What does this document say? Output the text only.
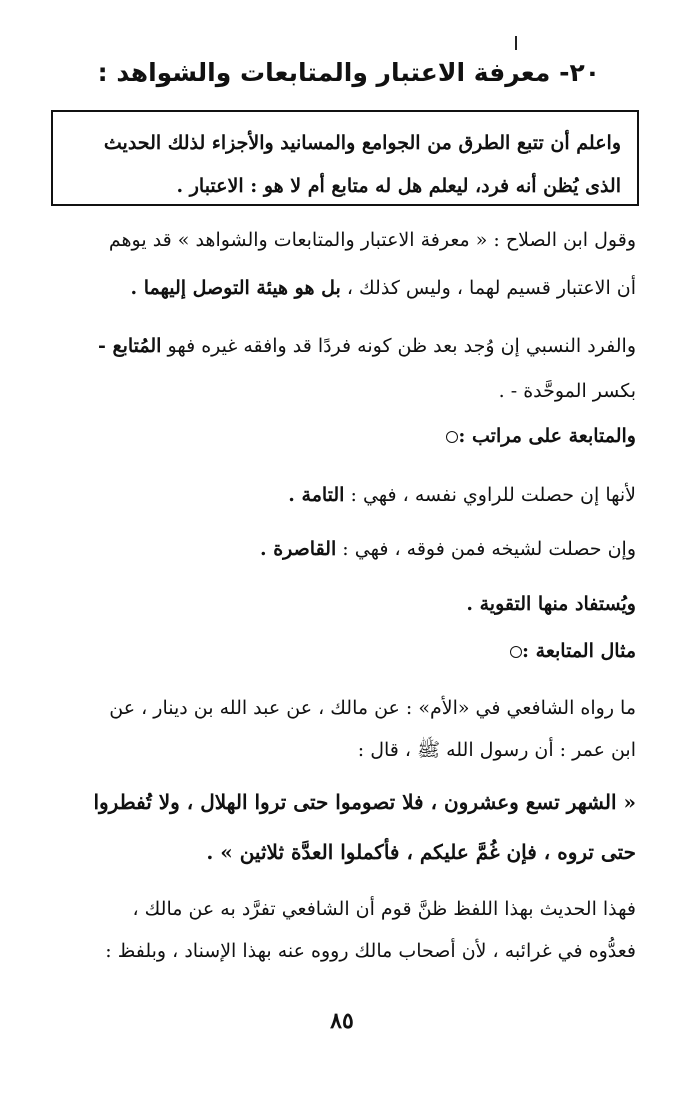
٢٠- معرفة الاعتبار والمتابعات والشواهد :

واعلم أن تتبع الطرق من الجوامع والمسانيد والأجزاء لذلك الحديث

الذى يُظن أنه فرد، ليعلم هل له متابع أم لا هو : الاعتبار .

وقول ابن الصلاح : « معرفة الاعتبار والمتابعات والشواهد » قد يوهم
أن الاعتبار قسيم لهما ، وليس كذلك ، بل هو هيئة التوصل إليهما .
والفرد النسبي إن وُجد بعد ظن كونه فردًا قد وافقه غيره فهو المُتابع -
بكسر الموحَّدة - .
والمتابعة على مراتب :
لأنها إن حصلت للراوي نفسه ، فهي : التامة .
وإن حصلت لشيخه فمن فوقه ، فهي : القاصرة .
ويُستفاد منها التقوية .
مثال المتابعة :
ما رواه الشافعي في «الأم» : عن مالك ، عن عبد الله بن دينار ، عن
ابن عمر : أن رسول الله ﷺ ، قال :
« الشهر تسع وعشرون ، فلا تصوموا حتى تروا الهلال ، ولا تُفطروا
حتى تروه ، فإن غُمَّ عليكم ، فأكملوا العدَّة ثلاثين » .
فهذا الحديث بهذا اللفظ ظنَّ قوم أن الشافعي تفرَّد به عن مالك ،
فعدُّوه في غرائبه ، لأن أصحاب مالك رووه عنه بهذا الإسناد ، وبلفظ :
٨٥
